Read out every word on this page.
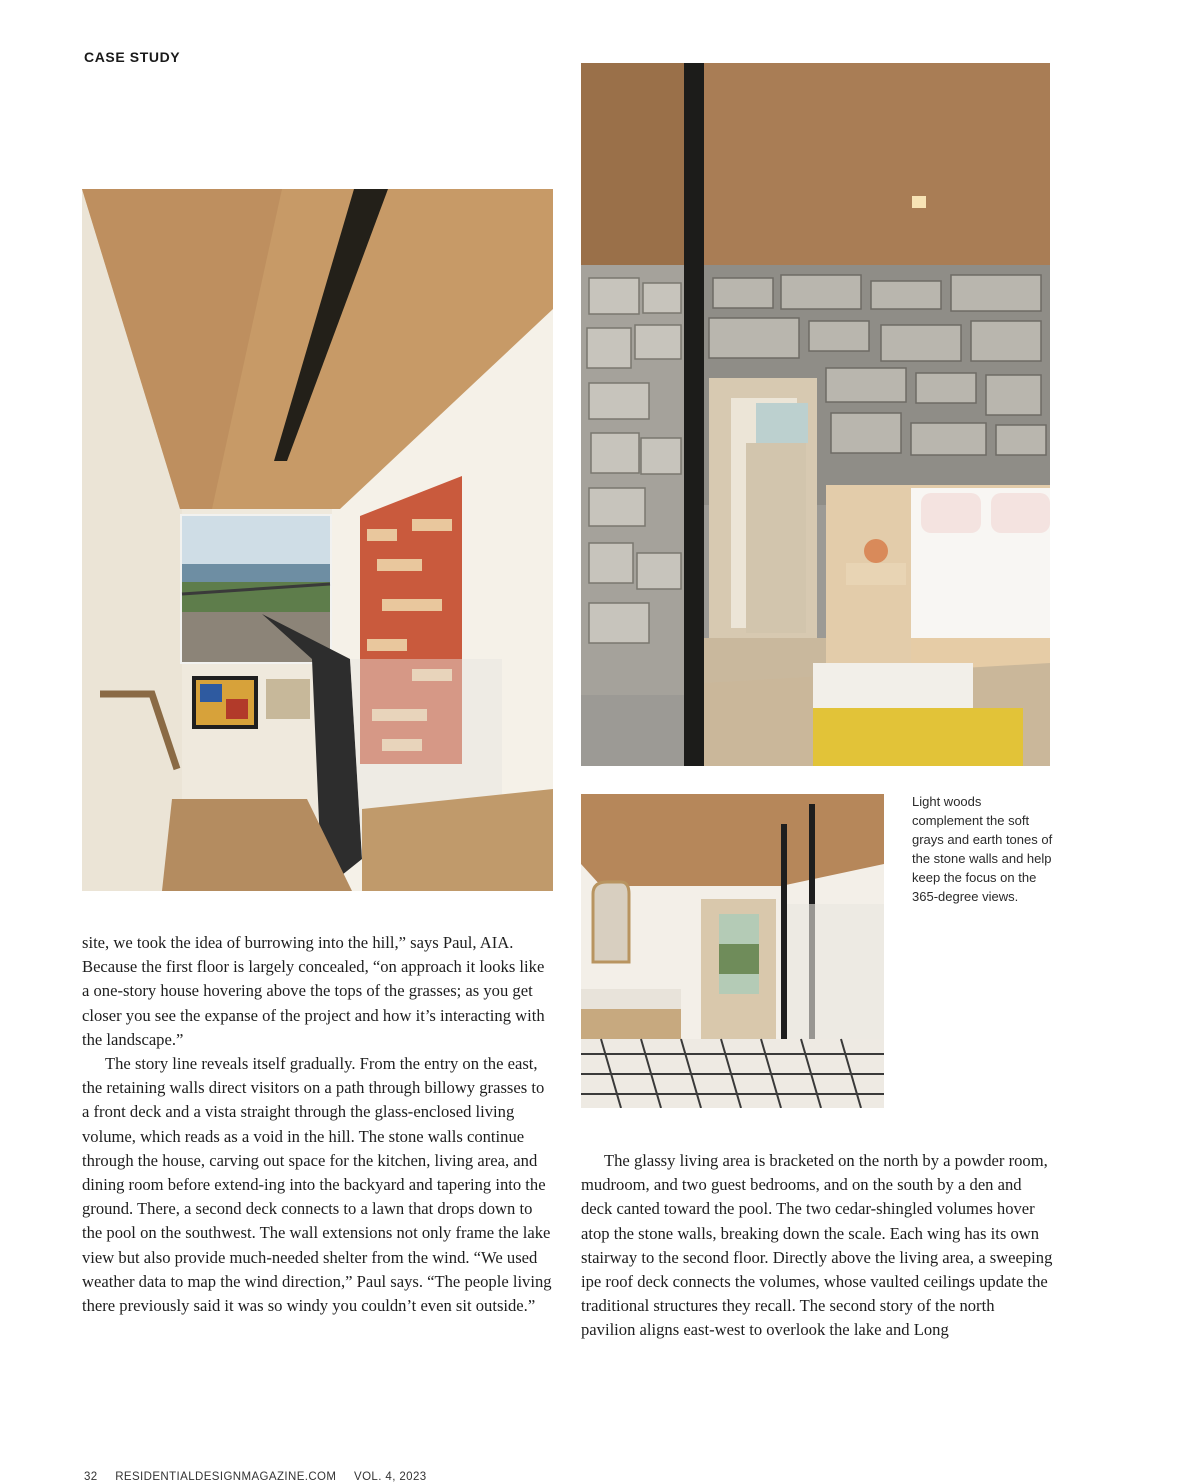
CASE STUDY
Light woods complement the soft grays and earth tones of the stone walls and help keep the focus on the 365-degree views.

site, we took the idea of burrowing into the hill,” says Paul, AIA. Because the first floor is largely concealed, “on approach it looks like a one-story house hovering above the tops of the grasses; as you get closer you see the expanse of the project and how it’s interacting with the landscape.”

The story line reveals itself gradually. From the entry on the east, the retaining walls direct visitors on a path through billowy grasses to a front deck and a vista straight through the glass-enclosed living volume, which reads as a void in the hill. The stone walls continue through the house, carving out space for the kitchen, living area, and dining room before extend-ing into the backyard and tapering into the ground. There, a second deck connects to a lawn that drops down to the pool on the southwest. The wall extensions not only frame the lake view but also provide much-needed shelter from the wind. “We used weather data to map the wind direction,” Paul says. “The people living there previously said it was so windy you couldn’t even sit outside.”

The glassy living area is bracketed on the north by a powder room, mudroom, and two guest bedrooms, and on the south by a den and deck canted toward the pool. The two cedar-shingled volumes hover atop the stone walls, breaking down the scale. Each wing has its own stairway to the second floor. Directly above the living area, a sweeping ipe roof deck connects the volumes, whose vaulted ceilings update the traditional structures they recall. The second story of the north pavilion aligns east-west to overlook the lake and Long

32 RESIDENTIALDESIGNMAGAZINE.COM VOL. 4, 2023
